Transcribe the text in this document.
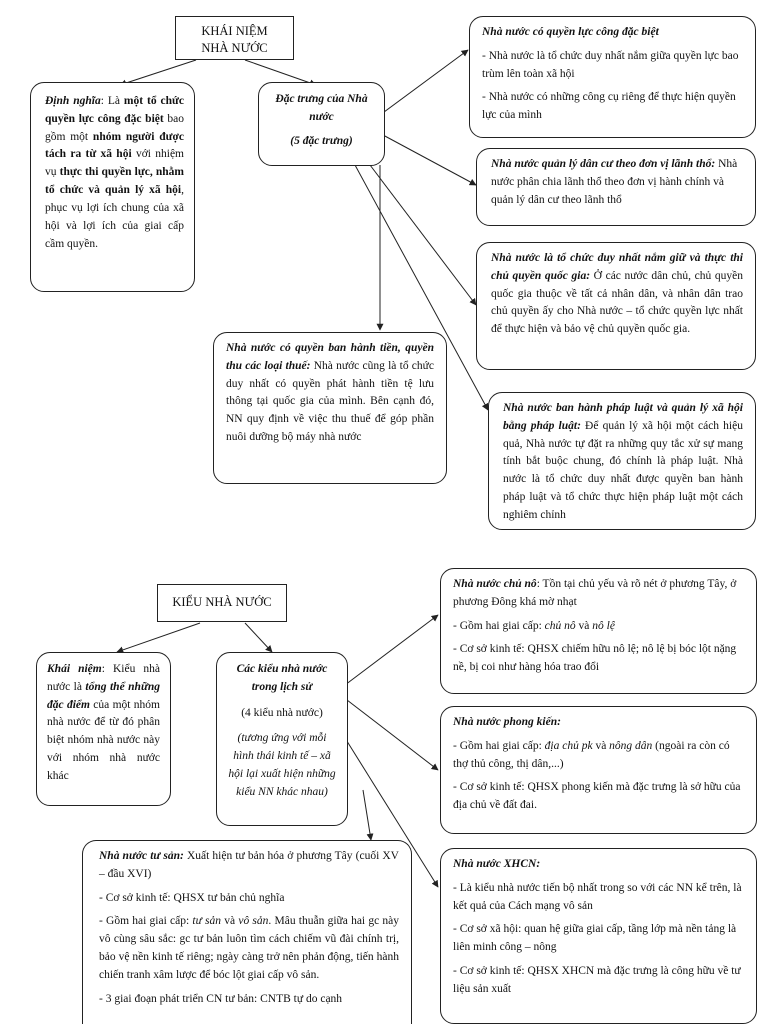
KHÁI NIỆM
NHÀ NƯỚC
Định nghĩa: Là một tổ chức quyền lực công đặc biệt bao gồm một nhóm người được tách ra từ xã hội với nhiệm vụ thực thi quyền lực, nhằm tổ chức và quản lý xã hội, phục vụ lợi ích chung của xã hội và lợi ích của giai cấp cầm quyền.
Đặc trưng của Nhà nước
(5 đặc trưng)

Nhà nước có quyền lực công đặc biệt

- Nhà nước là tổ chức duy nhất nắm giữa quyền lực bao trùm lên toàn xã hội

- Nhà nước có những công cụ riêng để thực hiện quyền lực của mình

Nhà nước quản lý dân cư theo đơn vị lãnh thổ: Nhà nước phân chia lãnh thổ theo đơn vị hành chính và quản lý dân cư theo lãnh thổ
Nhà nước là tổ chức duy nhất nắm giữ và thực thi chủ quyền quốc gia: Ở các nước dân chủ, chủ quyền quốc gia thuộc về tất cả nhân dân, và nhân dân trao chủ quyền ấy cho Nhà nước – tổ chức quyền lực nhất để thực hiện và bảo vệ chủ quyền quốc gia.
Nhà nước có quyền ban hành tiền, quyền thu các loại thuế: Nhà nước cũng là tổ chức duy nhất có quyền phát hành tiền tệ lưu thông tại quốc gia của mình. Bên cạnh đó, NN quy định về việc thu thuế để góp phần nuôi dưỡng bộ máy nhà nước
Nhà nước ban hành pháp luật và quản lý xã hội bằng pháp luật: Để quản lý xã hội một cách hiệu quả, Nhà nước tự đặt ra những quy tắc xử sự mang tính bắt buộc chung, đó chính là pháp luật. Nhà nước là tổ chức duy nhất được quyền ban hành pháp luật và tổ chức thực hiện pháp luật một cách nghiêm chỉnh
KIỂU NHÀ NƯỚC
Khái niệm: Kiểu nhà nước là tổng thể những đặc điểm của một nhóm nhà nước để từ đó phân biệt nhóm nhà nước này với nhóm nhà nước khác
Các kiểu nhà nước trong lịch sử
(4 kiểu nhà nước)
(tương ứng với mỗi hình thái kinh tế – xã hội lại xuất hiện những kiểu NN khác nhau)

Nhà nước chủ nô: Tồn tại chủ yếu và rõ nét ở phương Tây, ở phương Đông khá mờ nhạt

- Gồm hai giai cấp: chủ nô và nô lệ

- Cơ sở kinh tế: QHSX chiếm hữu nô lệ; nô lệ bị bóc lột nặng nề, bị coi như hàng hóa trao đổi

Nhà nước phong kiến:

- Gồm hai giai cấp: địa chủ pk và nông dân (ngoài ra còn có thợ thủ công, thị dân,...)

- Cơ sở kinh tế: QHSX phong kiến mà đặc trưng là sở hữu của địa chủ về đất đai.

Nhà nước XHCN:

- Là kiểu nhà nước tiến bộ nhất trong so với các NN kể trên, là kết quả của Cách mạng vô sản

- Cơ sở xã hội: quan hệ giữa giai cấp, tầng lớp mà nền tảng là liên minh công – nông

- Cơ sở kinh tế: QHSX XHCN mà đặc trưng là công hữu về tư liệu sản xuất

Nhà nước tư sản: Xuất hiện tư bản hóa ở phương Tây (cuối XV – đầu XVI)

- Cơ sở kinh tế: QHSX tư bản chủ nghĩa

- Gồm hai giai cấp: tư sản và vô sản. Mâu thuẫn giữa hai gc này vô cùng sâu sắc: gc tư bản luôn tìm cách chiếm vũ đài chính trị, bảo vệ nền kinh tế riêng; ngày càng trở nên phản động, tiến hành chiến tranh xâm lược để bóc lột giai cấp vô sản.

- 3 giai đoạn phát triển CN tư bản: CNTB tự do cạnh
